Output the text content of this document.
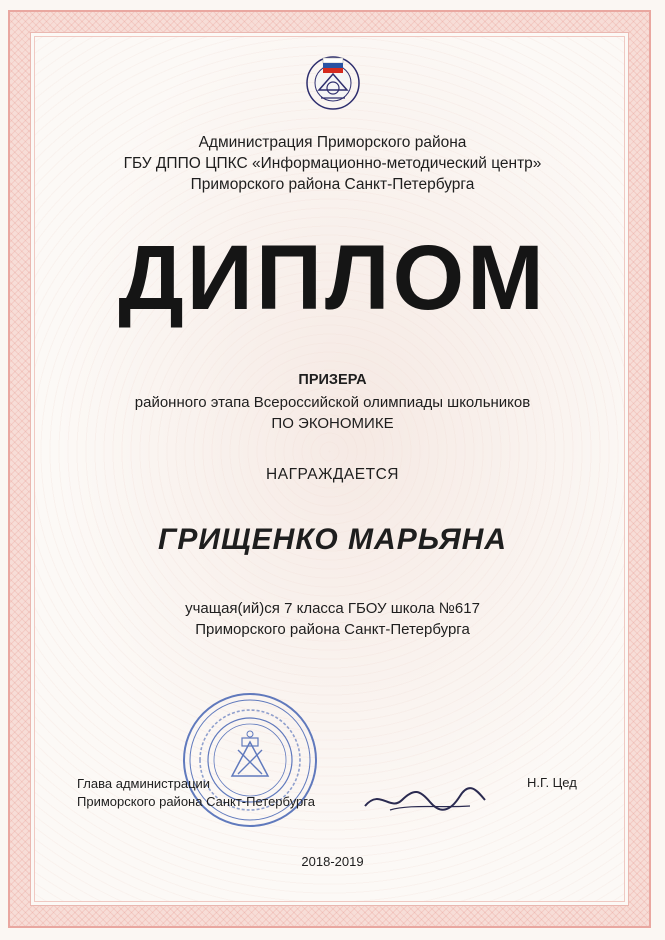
Администрация Приморского района
ГБУ ДППО ЦПКС «Информационно-методический центр»
Приморского района Санкт-Петербурга
ДИПЛОМ
ПРИЗЕРА
районного этапа Всероссийской олимпиады школьников
ПО ЭКОНОМИКЕ
НАГРАЖДАЕТСЯ
ГРИЩЕНКО МАРЬЯНА
учащая(ий)ся 7 класса ГБОУ школа №617
Приморского района Санкт-Петербурга
Глава администрации
Приморского района Санкт-Петербурга
Н.Г. Цед
2018-2019
